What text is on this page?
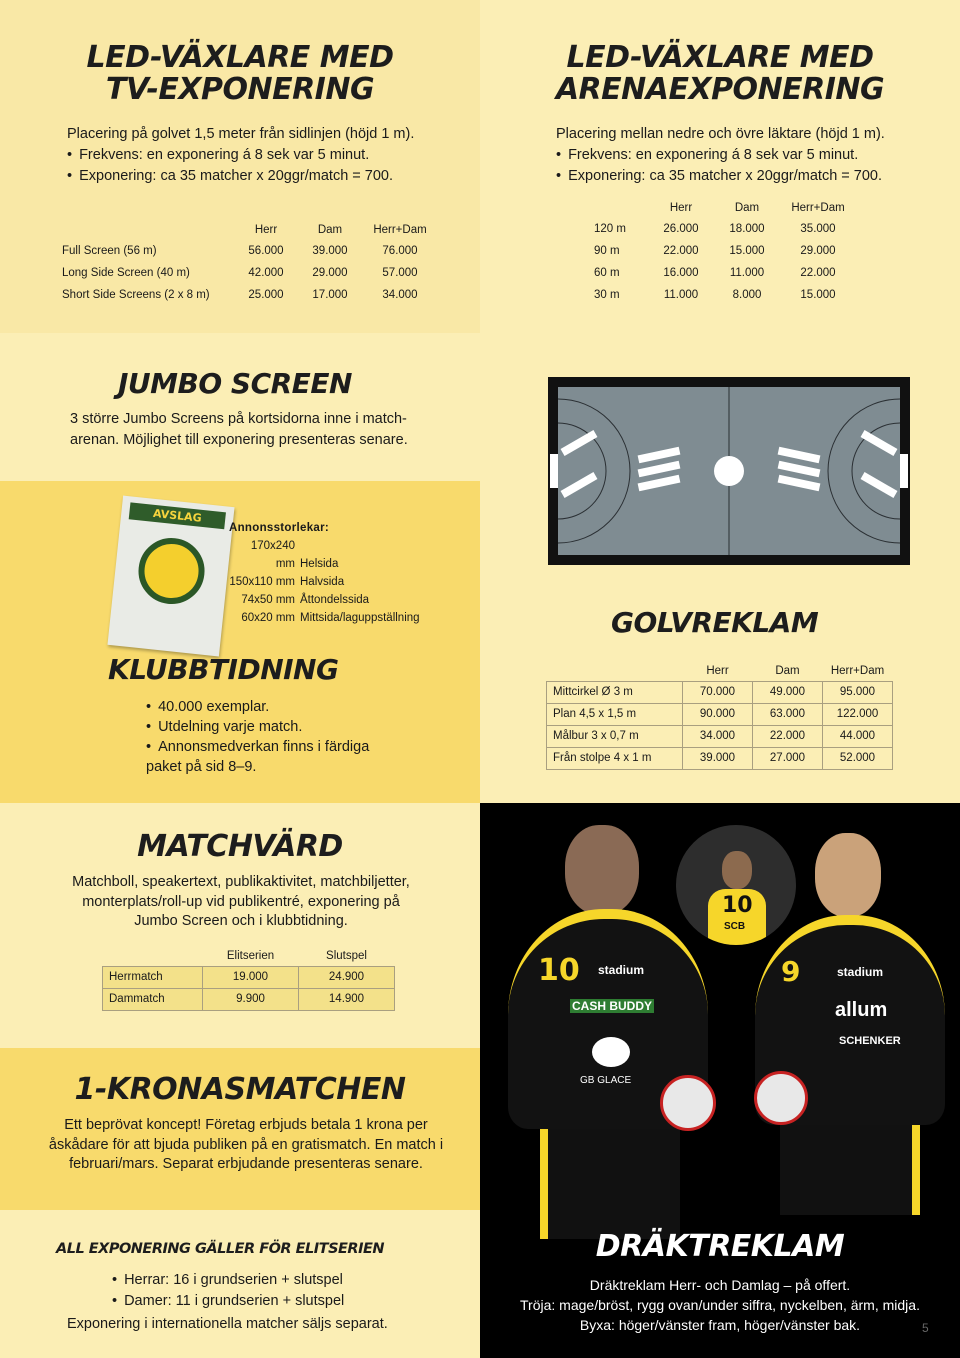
LED-VÄXLARE MED
TV-EXPONERING
Placering på golvet 1,5 meter från sidlinjen (höjd 1 m).
• Frekvens: en exponering á 8 sek var 5 minut.
• Exponering: ca 35 matcher x 20ggr/match = 700.
	Herr	Dam	Herr+Dam
Full Screen (56 m)	56.000	39.000	76.000
Long Side Screen (40 m)	42.000	29.000	57.000
Short Side Screens (2 x 8 m)	25.000	17.000	34.000
LED-VÄXLARE MED
ARENAEXPONERING
Placering mellan nedre och övre läktare (höjd 1 m).
• Frekvens: en exponering á 8 sek var 5 minut.
• Exponering: ca 35 matcher x 20ggr/match = 700.
	Herr	Dam	Herr+Dam
120 m	26.000	18.000	35.000
90 m	22.000	15.000	29.000
60 m	16.000	11.000	22.000
30 m	11.000	8.000	15.000
JUMBO SCREEN
3 större Jumbo Screens på kortsidorna inne i match-arenan. Möjlighet till exponering presenteras senare.
AVSLAG
Annonsstorlekar:
170x240 mm Helsida
150x110 mm Halvsida
74x50 mm Åttondelssida
60x20 mm Mittsida/laguppställning
KLUBBTIDNING
• 40.000 exemplar.
• Utdelning varje match.
• Annonsmedverkan finns i färdiga paket på sid 8–9.
GOLVREKLAM
	Herr	Dam	Herr+Dam
Mittcirkel Ø 3 m	70.000	49.000	95.000
Plan 4,5 x 1,5 m	90.000	63.000	122.000
Målbur 3 x 0,7 m	34.000	22.000	44.000
Från stolpe 4 x 1 m	39.000	27.000	52.000
MATCHVÄRD
Matchboll, speakertext, publikaktivitet, matchbiljetter, monterplats/roll-up vid publikentré, exponering på Jumbo Screen och i klubbtidning.
	Elitserien	Slutspel
Herrmatch	19.000	24.900
Dammatch	9.900	14.900
1-KRONASMATCHEN
Ett beprövat koncept! Företag erbjuds betala 1 krona per åskådare för att bjuda publiken på en gratismatch. En match i februari/mars. Separat erbjudande presenteras senare.
ALL EXPONERING GÄLLER FÖR ELITSERIEN
• Herrar: 16 i grundserien + slutspel
• Damer: 11 i grundserien + slutspel
Exponering i internationella matcher säljs separat.
10 stadium
CASH BUDDY
GB GLACE
9	stadium
allum
SCHENKER
10
SCB
DRÄKTREKLAM
Dräktreklam Herr- och Damlag – på offert.
Tröja: mage/bröst, rygg ovan/under siffra, nyckelben, ärm, midja.
Byxa: höger/vänster fram, höger/vänster bak.	5
